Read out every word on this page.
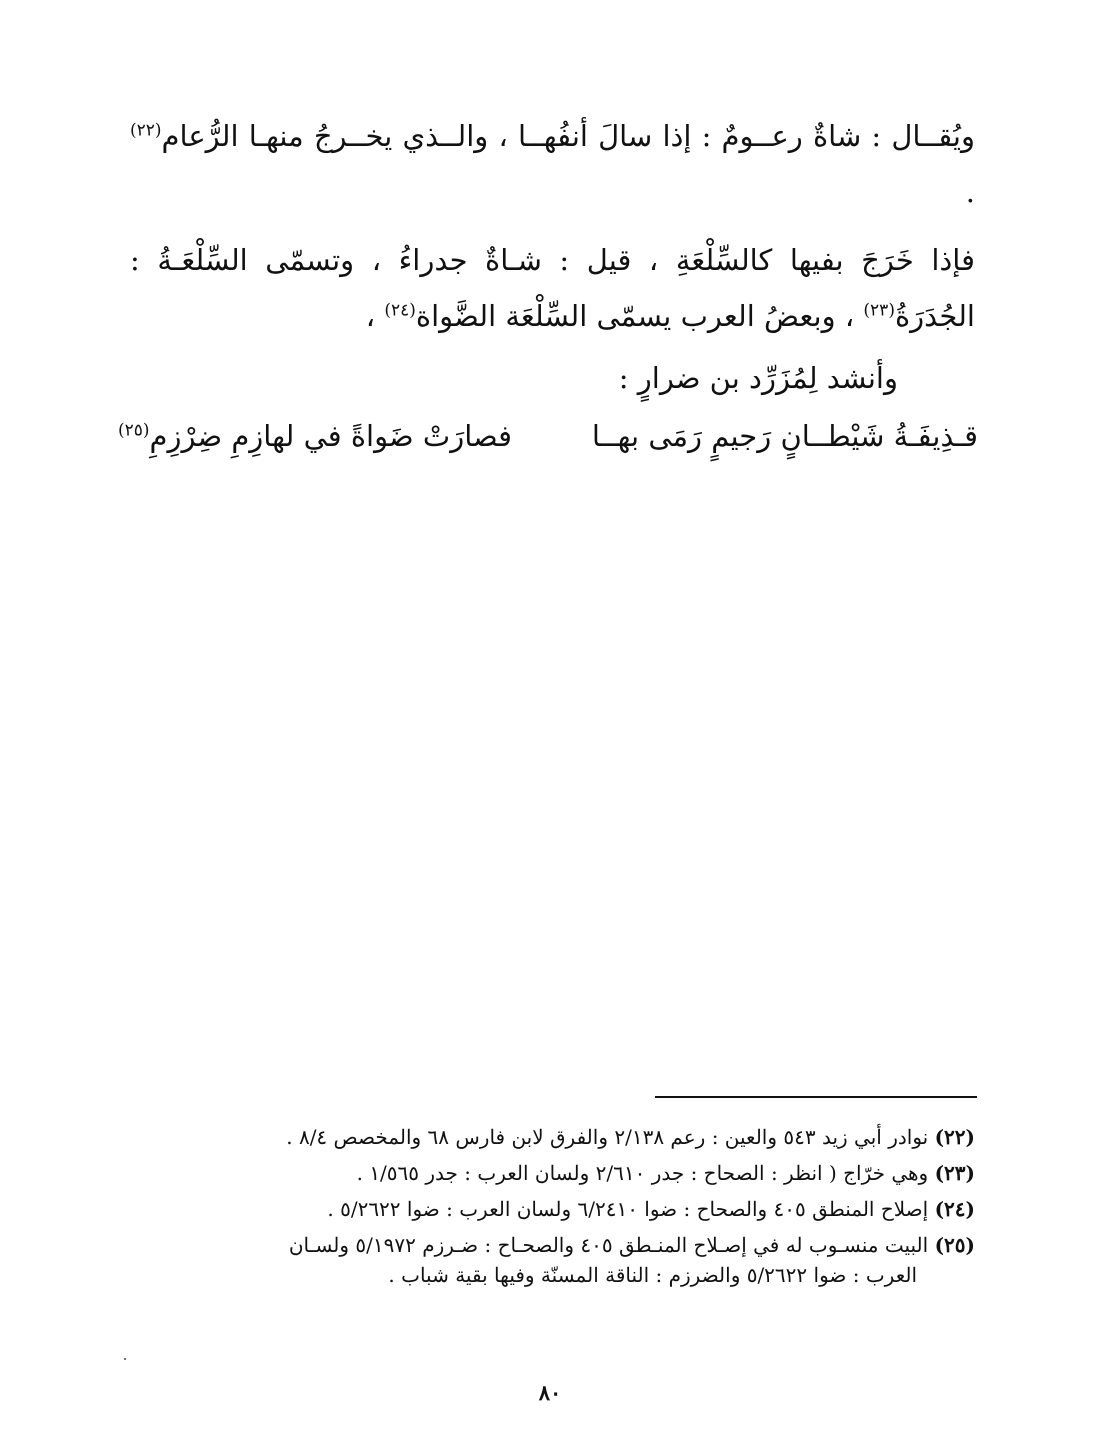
ويُقــال : شاةٌ رعــومٌ : إذا سالَ أنفُهــا ، والــذي يخــرجُ منهـا الرُّعام$^{(٢٢)}$ .

فإذا خَرَجَ بفيها كالسِّلْعَةِ ، قيل : شـاةٌ جدراءُ ، وتسمّى السِّلْعَـةُ : الجُدَرَةُ$^{(٢٣)}$ ، وبعضُ العرب يسمّى السِّلْعَة الضَّواة$^{(٢٤)}$ ،

وأنشد لِمُزَرِّد بن ضرارٍ :

قـذِيفَـةُ شَيْطــانٍ رَجيمٍ رَمَى بهــا
فصارَتْ ضَواةً في لهازِمِ ضِرْزِمِ$^{(٢٥)}$

(٢٢) نوادر أبي زيد ٥٤٣ والعين : رعم ٢/١٣٨ والفرق لابن فارس ٦٨ والمخصص ٨/٤ .

(٢٣) وهي خرّاج ( انظر : الصحاح : جدر ٢/٦١٠ ولسان العرب : جدر ١/٥٦٥ .

(٢٤) إصلاح المنطق ٤٠٥ والصحاح : ضوا ٦/٢٤١٠ ولسان العرب : ضوا ٥/٢٦٢٢ .

(٢٥) البيت منسـوب له في إصـلاح المنـطق ٤٠٥ والصحـاح : ضـرزم ٥/١٩٧٢ ولسـان
العرب : ضوا ٥/٢٦٢٢ والضرزم : الناقة المسنّة وفيها بقية شباب .

٨٠
